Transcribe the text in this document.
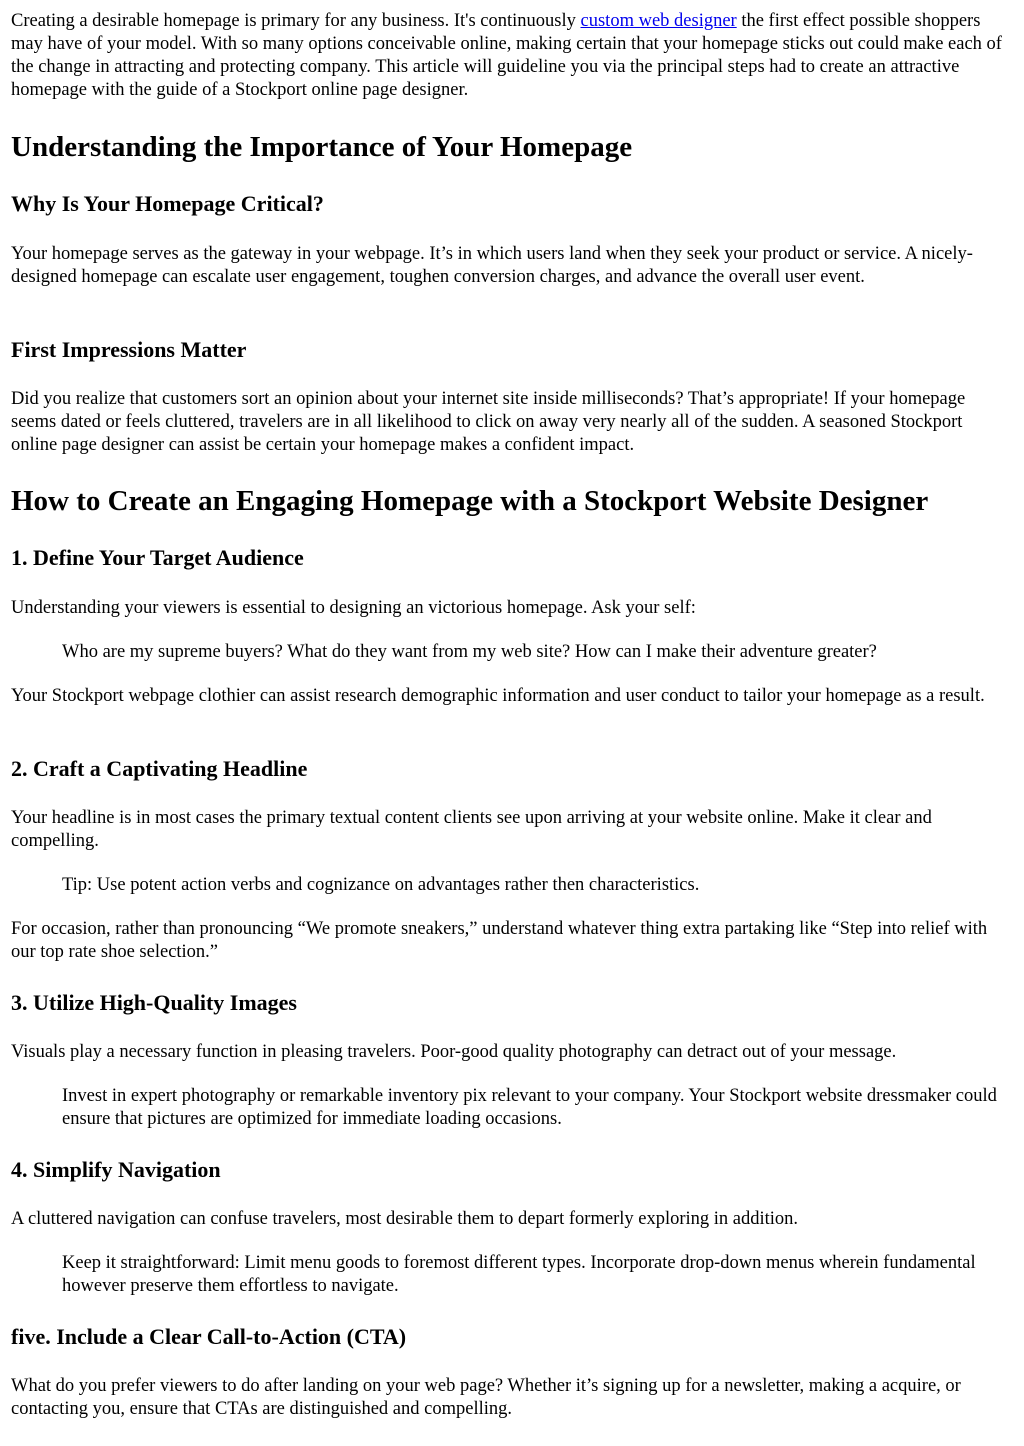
Creating a desirable homepage is primary for any business. It's continuously custom web designer the first effect possible shoppers may have of your model. With so many options conceivable online, making certain that your homepage sticks out could make each of the change in attracting and protecting company. This article will guideline you via the principal steps had to create an attractive homepage with the guide of a Stockport online page designer.

Understanding the Importance of Your Homepage
Why Is Your Homepage Critical?

Your homepage serves as the gateway in your webpage. It’s in which users land when they seek your product or service. A nicely-designed homepage can escalate user engagement, toughen conversion charges, and advance the overall user event.

First Impressions Matter

Did you realize that customers sort an opinion about your internet site inside milliseconds? That’s appropriate! If your homepage seems dated or feels cluttered, travelers are in all likelihood to click on away very nearly all of the sudden. A seasoned Stockport online page designer can assist be certain your homepage makes a confident impact.

How to Create an Engaging Homepage with a Stockport Website Designer
1. Define Your Target Audience

Understanding your viewers is essential to designing an victorious homepage. Ask your self:

Who are my supreme buyers? What do they want from my web site? How can I make their adventure greater?

Your Stockport webpage clothier can assist research demographic information and user conduct to tailor your homepage as a result.

2. Craft a Captivating Headline

Your headline is in most cases the primary textual content clients see upon arriving at your website online. Make it clear and compelling.

Tip: Use potent action verbs and cognizance on advantages rather then characteristics.

For occasion, rather than pronouncing “We promote sneakers,” understand whatever thing extra partaking like “Step into relief with our top rate shoe selection.”

3. Utilize High-Quality Images

Visuals play a necessary function in pleasing travelers. Poor-good quality photography can detract out of your message.

Invest in expert photography or remarkable inventory pix relevant to your company. Your Stockport website dressmaker could ensure that pictures are optimized for immediate loading occasions.

4. Simplify Navigation

A cluttered navigation can confuse travelers, most desirable them to depart formerly exploring in addition.

Keep it straightforward: Limit menu goods to foremost different types. Incorporate drop-down menus wherein fundamental however preserve them effortless to navigate.

five. Include a Clear Call-to-Action (CTA)

What do you prefer viewers to do after landing on your web page? Whether it’s signing up for a newsletter, making a acquire, or contacting you, ensure that CTAs are distinguished and compelling.
